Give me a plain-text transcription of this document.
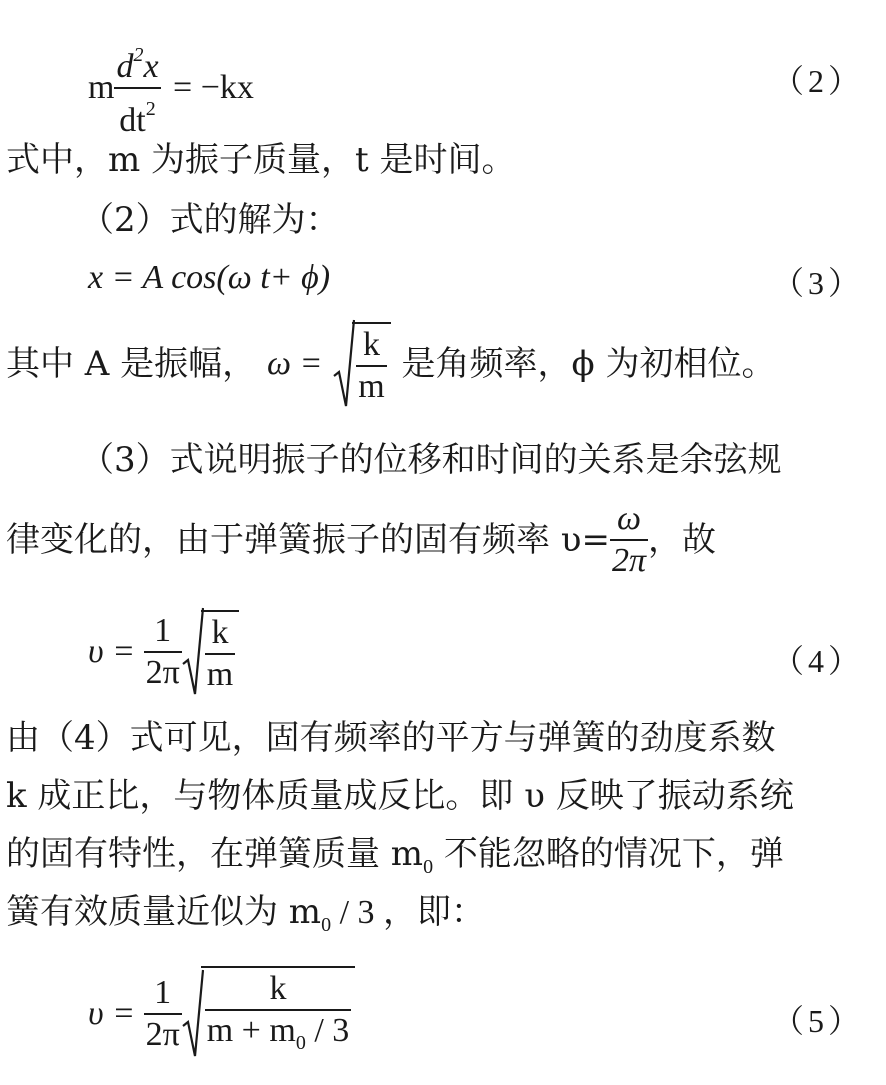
m $\frac{d^2x}{dt^2} = -kx$	（2）
式中，m 为振子质量，t 是时间。
（2）式的解为：
x = A cos(ω t+ ϕ)	（3）
其中 A 是振幅， $\omega = \frac{k}{m}$ 是角频率，ϕ 为初相位。
（3）式说明振子的位移和时间的关系是余弦规
律变化的，由于弹簧振子的固有频率 $\upsilon= \frac{\omega}{2\pi}$ ，故
$\upsilon = \frac{1}{2\pi} \frac{k}{m}$	（4）
由（4）式可见，固有频率的平方与弹簧的劲度系数
k 成正比，与物体质量成反比。即 υ 反映了振动系统
的固有特性，在弹簧质量 $m_0$ 不能忽略的情况下，弹
簧有效质量近似为 $m_0 / 3$ ，即：
$\upsilon = \frac{1}{2\pi} \frac{k}{m + m_0 / 3}$	（5）
